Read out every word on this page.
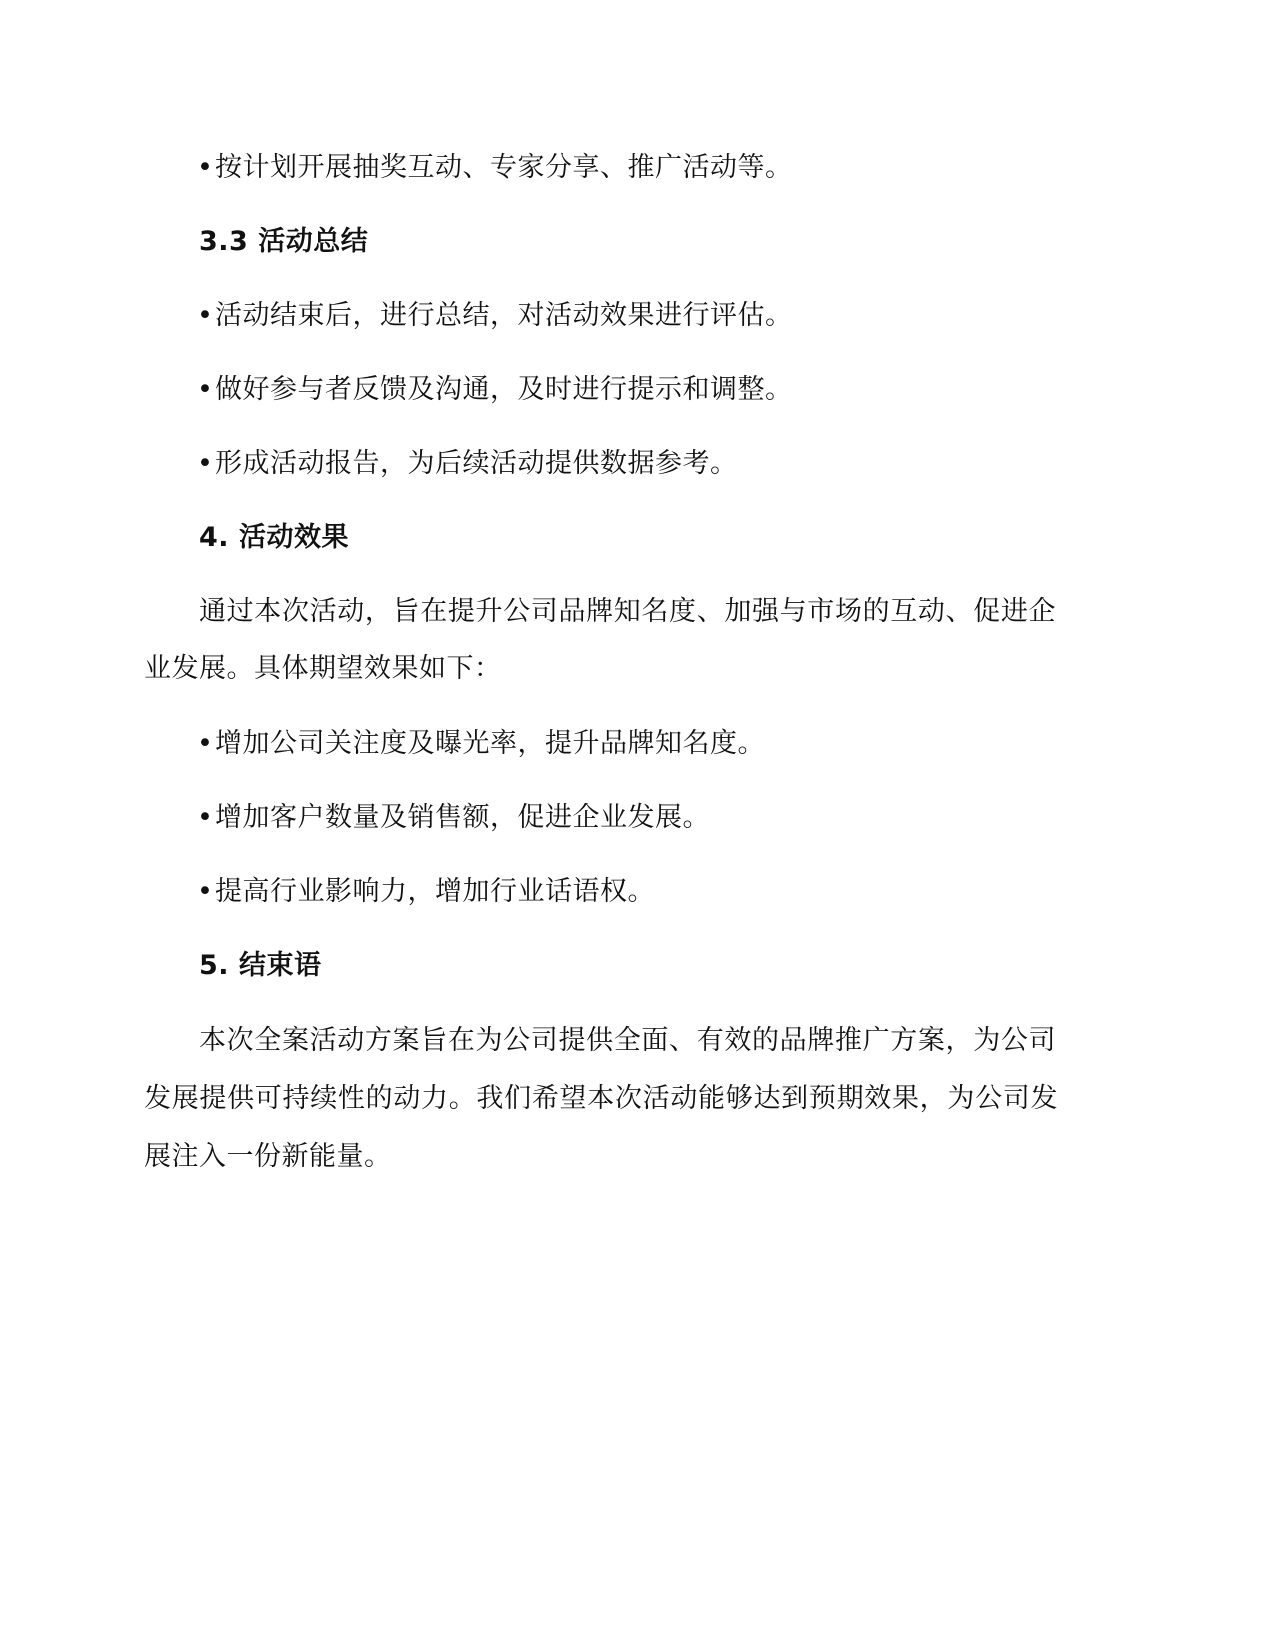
•按计划开展抽奖互动、专家分享、推广活动等。
3.3 活动总结
•活动结束后，进行总结，对活动效果进行评估。
•做好参与者反馈及沟通，及时进行提示和调整。
•形成活动报告，为后续活动提供数据参考。
4. 活动效果
通过本次活动，旨在提升公司品牌知名度、加强与市场的互动、促进企
业发展。具体期望效果如下：
•增加公司关注度及曝光率，提升品牌知名度。
•增加客户数量及销售额，促进企业发展。
•提高行业影响力，增加行业话语权。
5. 结束语
本次全案活动方案旨在为公司提供全面、有效的品牌推广方案，为公司
发展提供可持续性的动力。我们希望本次活动能够达到预期效果，为公司发
展注入一份新能量。
